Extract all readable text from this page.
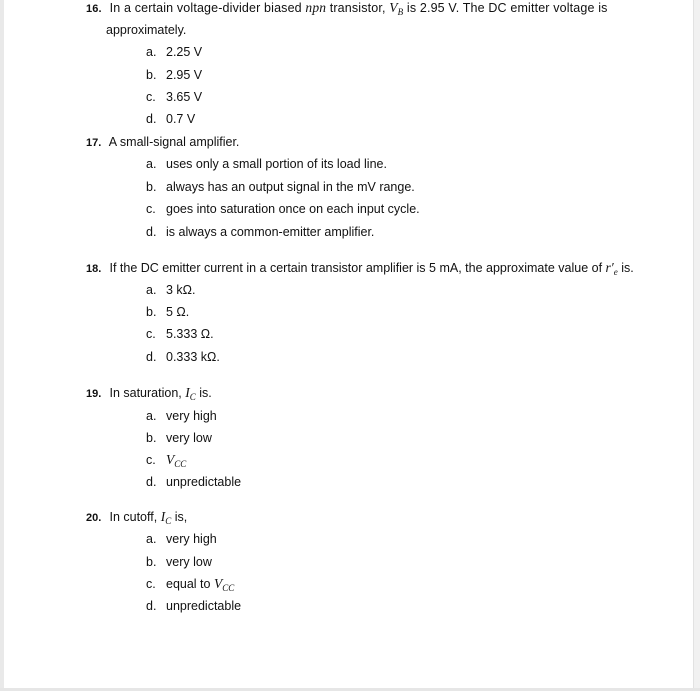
16. In a certain voltage-divider biased npn transistor, $V_B$ is 2.95 V. The DC emitter voltage is
approximately.
a. 2.25 V
b. 2.95 V
c. 3.65 V
d. 0.7 V
17. A small-signal amplifier.
a. uses only a small portion of its load line.
b. always has an output signal in the mV range.
c. goes into saturation once on each input cycle.
d. is always a common-emitter amplifier.
18. If the DC emitter current in a certain transistor amplifier is 5 mA, the approximate value of $r'_e$ is.
a. 3 kΩ.
b. 5 Ω.
c. 5.333 Ω.
d. 0.333 kΩ.
19. In saturation, $I_C$ is.
a. very high
b. very low
c. $V_{CC}$
d. unpredictable
20. In cutoff, $I_C$ is,
a. very high
b. very low
c. equal to $V_{CC}$
d. unpredictable
